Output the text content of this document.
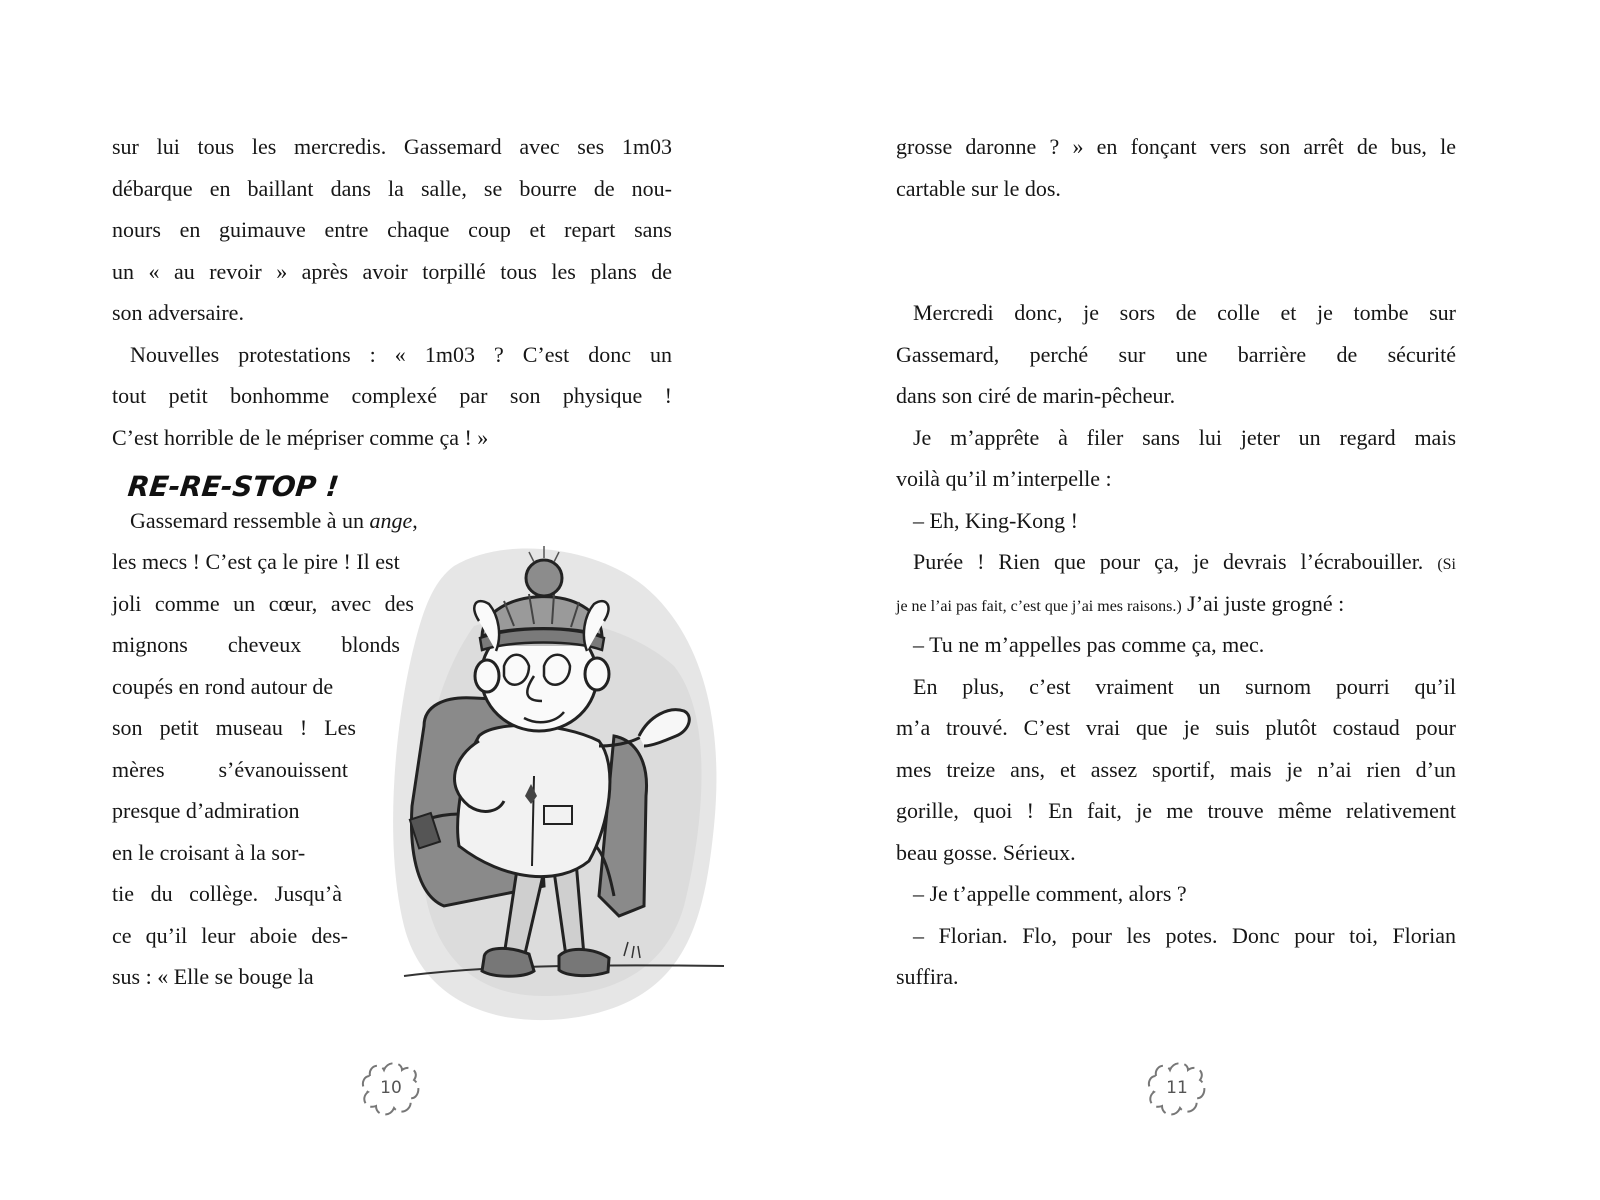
sur lui tous les mercredis. Gassemard avec ses 1m03
débarque en baillant dans la salle, se bourre de nou-
nours en guimauve entre chaque coup et repart sans
un « au revoir » après avoir torpillé tous les plans de
son adversaire.
Nouvelles protestations : « 1m03 ? C’est donc un
tout petit bonhomme complexé par son physique !
C’est horrible de le mépriser comme ça ! »
RE-RE-STOP !
Gassemard ressemble à un ange,
les mecs ! C’est ça le pire ! Il est
joli comme un cœur, avec des
mignons cheveux blonds
coupés en rond autour de
son petit museau ! Les
mères s’évanouissent
presque d’admiration
en le croisant à la sor-
tie du collège. Jusqu’à
ce qu’il leur aboie des-
sus : « Elle se bouge la
10
grosse daronne ? » en fonçant vers son arrêt de bus, le
cartable sur le dos.
Mercredi donc, je sors de colle et je tombe sur
Gassemard, perché sur une barrière de sécurité
dans son ciré de marin-pêcheur.
Je m’apprête à filer sans lui jeter un regard mais
voilà qu’il m’interpelle :
– Eh, King-Kong !
Purée ! Rien que pour ça, je devrais l’écrabouiller. (Si
je ne l’ai pas fait, c’est que j’ai mes raisons.) J’ai juste grogné :
– Tu ne m’appelles pas comme ça, mec.
En plus, c’est vraiment un surnom pourri qu’il
m’a trouvé. C’est vrai que je suis plutôt costaud pour
mes treize ans, et assez sportif, mais je n’ai rien d’un
gorille, quoi ! En fait, je me trouve même relativement
beau gosse. Sérieux.
– Je t’appelle comment, alors ?
– Florian. Flo, pour les potes. Donc pour toi, Florian
suffira.
11
